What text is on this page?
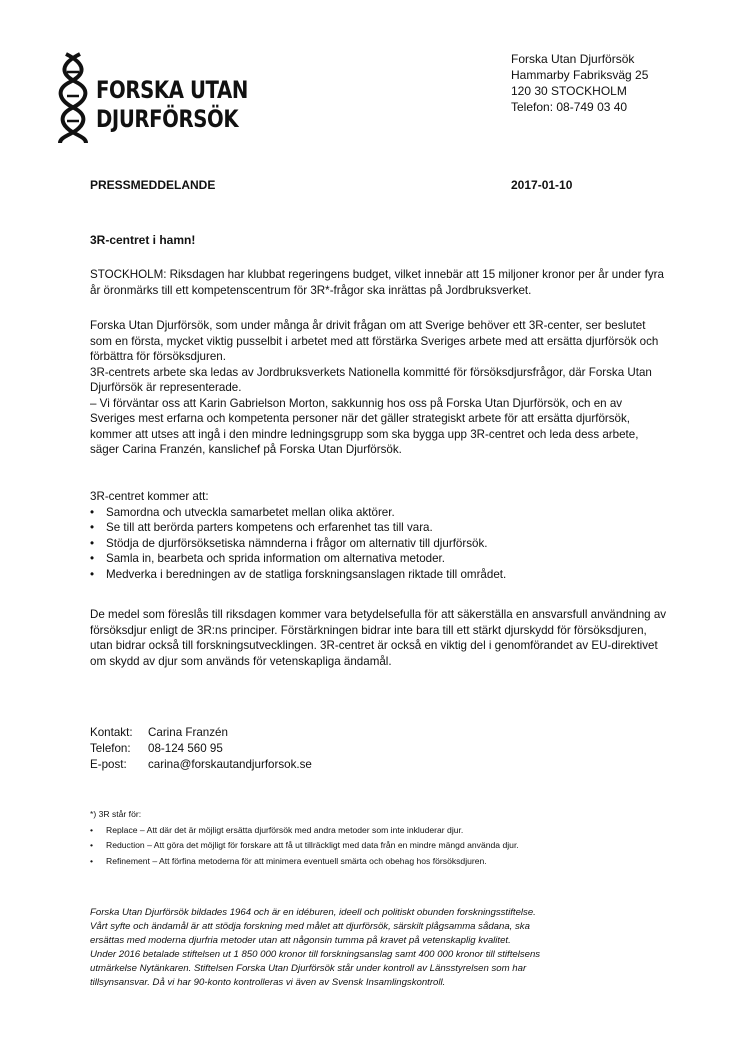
FORSKA UTAN
DJURFÖRSÖK
Forska Utan Djurförsök
Hammarby Fabriksväg 25
120 30 STOCKHOLM
Telefon: 08-749 03 40
PRESSMEDDELANDE	2017-01-10
3R-centret i hamn!

STOCKHOLM: Riksdagen har klubbat regeringens budget, vilket innebär att 15 miljoner kronor per år under fyra år öronmärks till ett kompetenscentrum för 3R*-frågor ska inrättas på Jordbruksverket.

Forska Utan Djurförsök, som under många år drivit frågan om att Sverige behöver ett 3R-center, ser beslutet som en första, mycket viktig pusselbit i arbetet med att förstärka Sveriges arbete med att ersätta djurförsök och förbättra för försöksdjuren.

3R-centrets arbete ska ledas av Jordbruksverkets Nationella kommitté för försöksdjursfrågor, där Forska Utan Djurförsök är representerade.

– Vi förväntar oss att Karin Gabrielson Morton, sakkunnig hos oss på Forska Utan Djurförsök, och en av Sveriges mest erfarna och kompetenta personer när det gäller strategiskt arbete för att ersätta djurförsök, kommer att utses att ingå i den mindre ledningsgrupp som ska bygga upp 3R-centret och leda dess arbete, säger Carina Franzén, kanslichef på Forska Utan Djurförsök.

3R-centret kommer att:
• Samordna och utveckla samarbetet mellan olika aktörer.
• Se till att berörda parters kompetens och erfarenhet tas till vara.
• Stödja de djurförsöksetiska nämnderna i frågor om alternativ till djurförsök.
• Samla in, bearbeta och sprida information om alternativa metoder.
• Medverka i beredningen av de statliga forskningsanslagen riktade till området.

De medel som föreslås till riksdagen kommer vara betydelsefulla för att säkerställa en ansvarsfull användning av försöksdjur enligt de 3R:ns principer. Förstärkningen bidrar inte bara till ett stärkt djurskydd för försöksdjuren, utan bidrar också till forskningsutvecklingen. 3R-centret är också en viktig del i genomförandet av EU-direktivet om skydd av djur som används för vetenskapliga ändamål.

Kontakt:	Carina Franzén
Telefon:	08-124 560 95
E-post:	carina@forskautandjurforsok.se
*) 3R står för:
• Replace – Att där det är möjligt ersätta djurförsök med andra metoder som inte inkluderar djur.
• Reduction – Att göra det möjligt för forskare att få ut tillräckligt med data från en mindre mängd använda djur.
• Refinement – Att förfina metoderna för att minimera eventuell smärta och obehag hos försöksdjuren.
Forska Utan Djurförsök bildades 1964 och är en idéburen, ideell och politiskt obunden forskningsstiftelse.
Vårt syfte och ändamål är att stödja forskning med målet att djurförsök, särskilt plågsamma sådana, ska
ersättas med moderna djurfria metoder utan att någonsin tumma på kravet på vetenskaplig kvalitet.
Under 2016 betalade stiftelsen ut 1 850 000 kronor till forskningsanslag samt 400 000 kronor till stiftelsens
utmärkelse Nytänkaren. Stiftelsen Forska Utan Djurförsök står under kontroll av Länsstyrelsen som har
tillsynsansvar. Då vi har 90-konto kontrolleras vi även av Svensk Insamlingskontroll.
